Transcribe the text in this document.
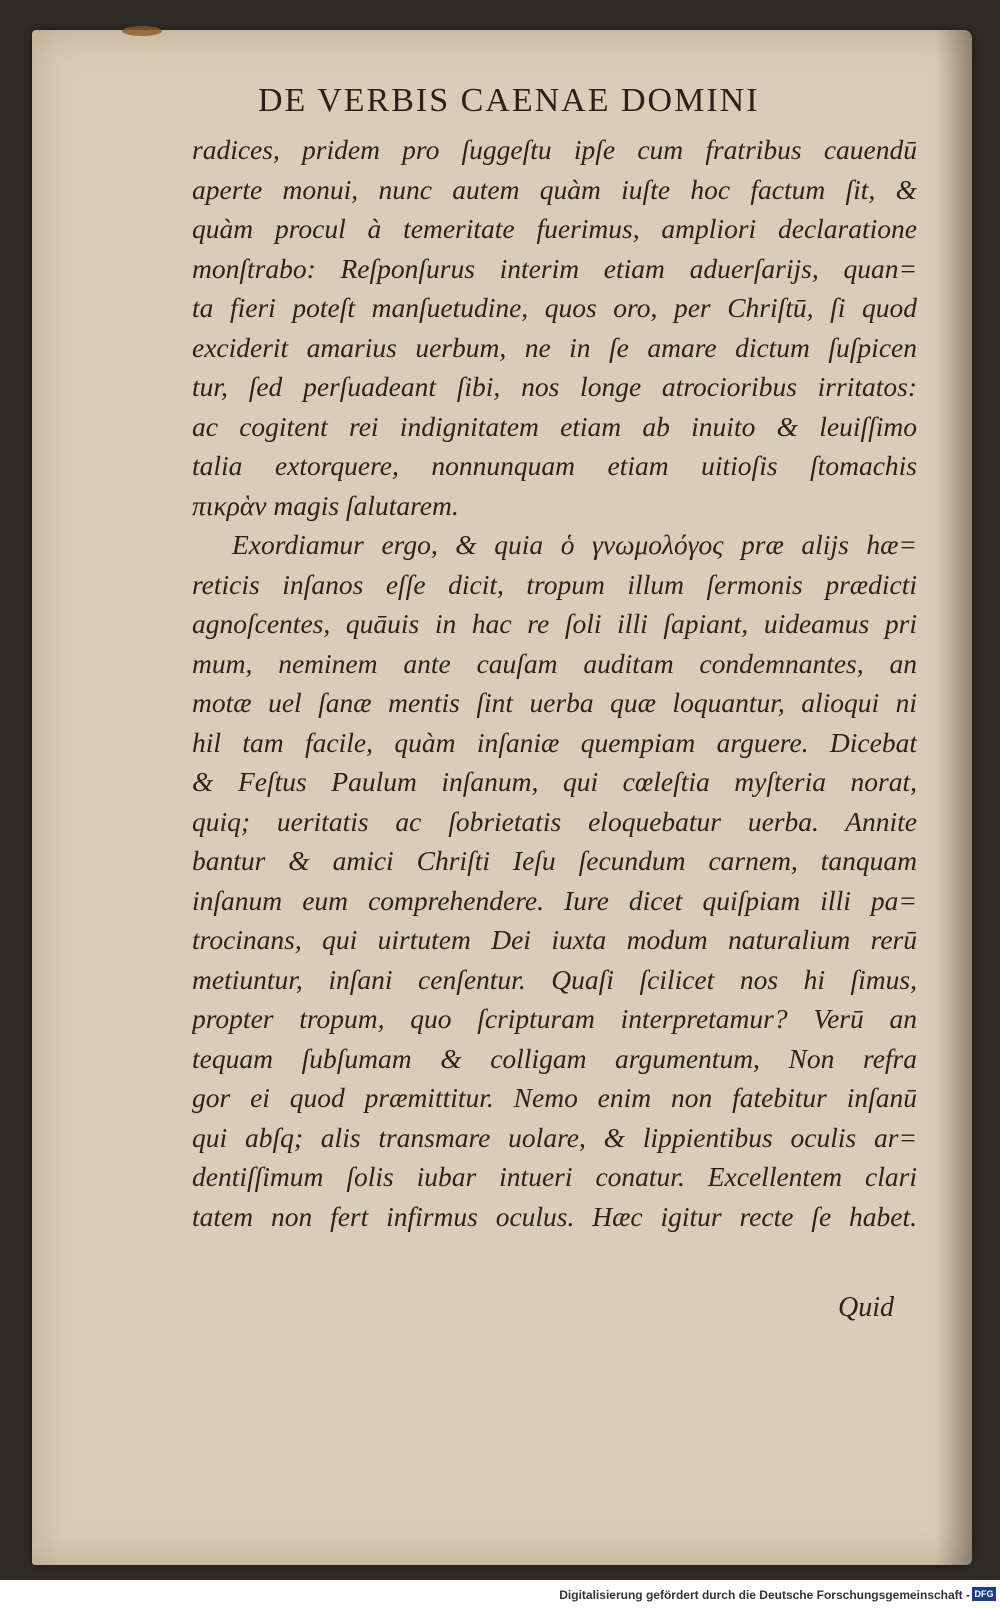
DE VERBIS CAENAE DOMINI
radices, pridem pro ſuggeſtu ipſe cum fratribus cauendū
aperte monui, nunc autem quàm iuſte hoc factum ſit, &
quàm procul à temeritate fuerimus, ampliori declaratione
monſtrabo: Reſponſurus interim etiam aduerſarijs, quan=
ta fieri poteſt manſuetudine, quos oro, per Chriſtū, ſi quod
exciderit amarius uerbum, ne in ſe amare dictum ſuſpicen
tur, ſed perſuadeant ſibi, nos longe atrocioribus irritatos:
ac cogitent rei indignitatem etiam ab inuito & leuiſſimo
talia extorquere, nonnunquam etiam uitioſis ſtomachis
πικρὰν magis ſalutarem.
Exordiamur ergo, & quia ὁ γνωμολόγος præ alijs hæ=
reticis inſanos eſſe dicit, tropum illum ſermonis prædicti
agnoſcentes, quāuis in hac re ſoli illi ſapiant, uideamus pri
mum, neminem ante cauſam auditam condemnantes, an
motæ uel ſanæ mentis ſint uerba quæ loquantur, alioqui ni
hil tam facile, quàm inſaniæ quempiam arguere. Dicebat
& Feſtus Paulum inſanum, qui cœleſtia myſteria norat,
quiq; ueritatis ac ſobrietatis eloquebatur uerba. Annite
bantur & amici Chriſti Ieſu ſecundum carnem, tanquam
inſanum eum comprehendere. Iure dicet quiſpiam illi pa=
trocinans, qui uirtutem Dei iuxta modum naturalium rerū
metiuntur, inſani cenſentur. Quaſi ſcilicet nos hi ſimus,
propter tropum, quo ſcripturam interpretamur? Verū an
tequam ſubſumam & colligam argumentum, Non refra
gor ei quod præmittitur. Nemo enim non fatebitur inſanū
qui abſq; alis transmare uolare, & lippientibus oculis ar=
dentiſſimum ſolis iubar intueri conatur. Excellentem clari
tatem non fert infirmus oculus. Hæc igitur recte ſe habet.
Quid
Digitalisierung gefördert durch die Deutsche Forschungsgemeinschaft - DFG
